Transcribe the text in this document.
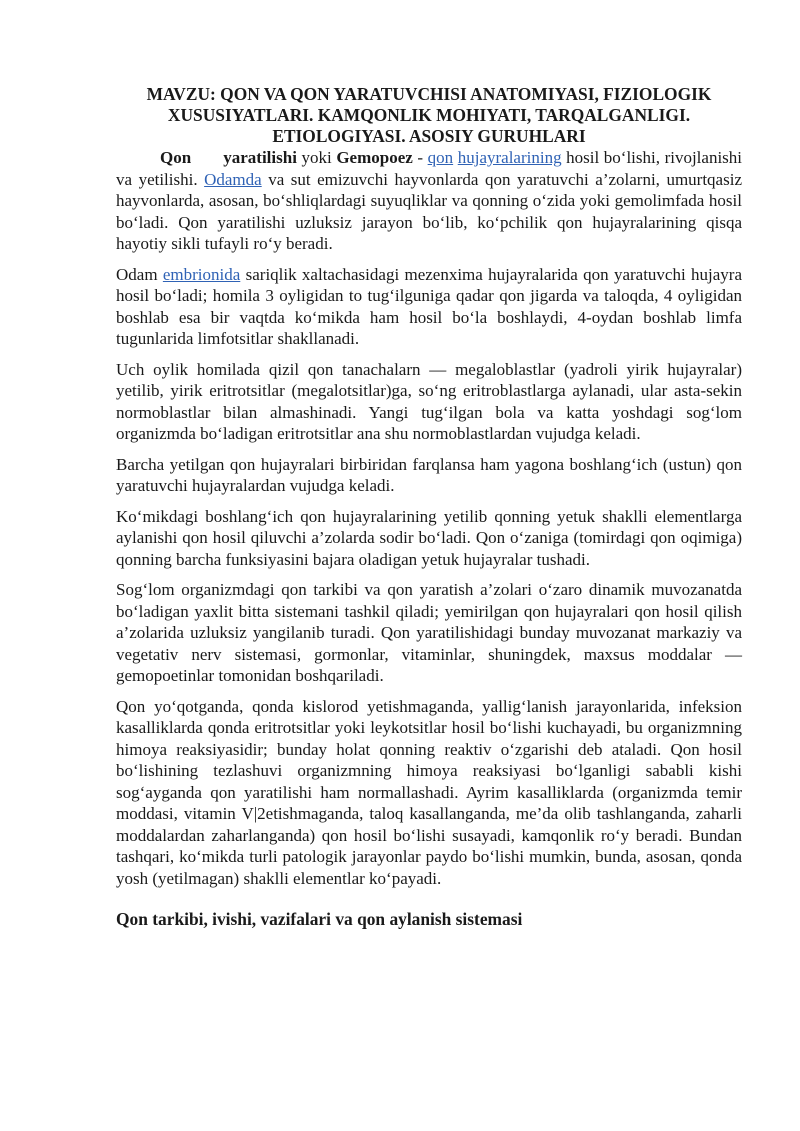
MAVZU: QON VA QON YARATUVCHISI ANATOMIYASI, FIZIOLOGIK XUSUSIYATLARI. KAMQONLIK MOHIYATI, TARQALGANLIGI. ETIOLOGIYASI. ASOSIY GURUHLARI

Qon yaratilishi yoki Gemopoez - qon hujayralarining hosil bo‘lishi, rivojlanishi va yetilishi. Odamda va sut emizuvchi hayvonlarda qon yaratuvchi a’zolarni, umurtqasiz hayvonlarda, asosan, bo‘shliqlardagi suyuqliklar va qonning o‘zida yoki gemolimfada hosil bo‘ladi. Qon yaratilishi uzluksiz jarayon bo‘lib, ko‘pchilik qon hujayralarining qisqa hayotiy sikli tufayli ro‘y beradi.

Odam embrionida sariqlik xaltachasidagi mezenxima hujayralarida qon yaratuvchi hujayra hosil bo‘ladi; homila 3 oyligidan to tug‘ilguniga qadar qon jigarda va taloqda, 4 oyligidan boshlab esa bir vaqtda ko‘mikda ham hosil bo‘la boshlaydi, 4-oydan boshlab limfa tugunlarida limfotsitlar shakllanadi.

Uch oylik homilada qizil qon tanachalarn — megaloblastlar (yadroli yirik hujayralar) yetilib, yirik eritrotsitlar (megalotsitlar)ga, so‘ng eritroblastlarga aylanadi, ular asta-sekin normoblastlar bilan almashinadi. Yangi tug‘ilgan bola va katta yoshdagi sog‘lom organizmda bo‘ladigan eritrotsitlar ana shu normoblastlardan vujudga keladi.

Barcha yetilgan qon hujayralari birbiridan farqlansa ham yagona boshlang‘ich (ustun) qon yaratuvchi hujayralardan vujudga keladi.

Ko‘mikdagi boshlang‘ich qon hujayralarining yetilib qonning yetuk shaklli elementlarga aylanishi qon hosil qiluvchi a’zolarda sodir bo‘ladi. Qon o‘zaniga (tomirdagi qon oqimiga) qonning barcha funksiyasini bajara oladigan yetuk hujayralar tushadi.

Sog‘lom organizmdagi qon tarkibi va qon yaratish a’zolari o‘zaro dinamik muvozanatda bo‘ladigan yaxlit bitta sistemani tashkil qiladi; yemirilgan qon hujayralari qon hosil qilish a’zolarida uzluksiz yangilanib turadi. Qon yaratilishidagi bunday muvozanat markaziy va vegetativ nerv sistemasi, gormonlar, vitaminlar, shuningdek, maxsus moddalar — gemopoetinlar tomonidan boshqariladi.

Qon yo‘qotganda, qonda kislorod yetishmaganda, yallig‘lanish jarayonlarida, infeksion kasalliklarda qonda eritrotsitlar yoki leykotsitlar hosil bo‘lishi kuchayadi, bu organizmning himoya reaksiyasidir; bunday holat qonning reaktiv o‘zgarishi deb ataladi. Qon hosil bo‘lishining tezlashuvi organizmning himoya reaksiyasi bo‘lganligi sababli kishi sog‘ayganda qon yaratilishi ham normallashadi. Ayrim kasalliklarda (organizmda temir moddasi, vitamin V|2etishmaganda, taloq kasallanganda, me’da olib tashlanganda, zaharli moddalardan zaharlanganda) qon hosil bo‘lishi susayadi, kamqonlik ro‘y beradi. Bundan tashqari, ko‘mikda turli patologik jarayonlar paydo bo‘lishi mumkin, bunda, asosan, qonda yosh (yetilmagan) shaklli elementlar ko‘payadi.

Qon tarkibi, ivishi, vazifalari va qon aylanish sistemasi
